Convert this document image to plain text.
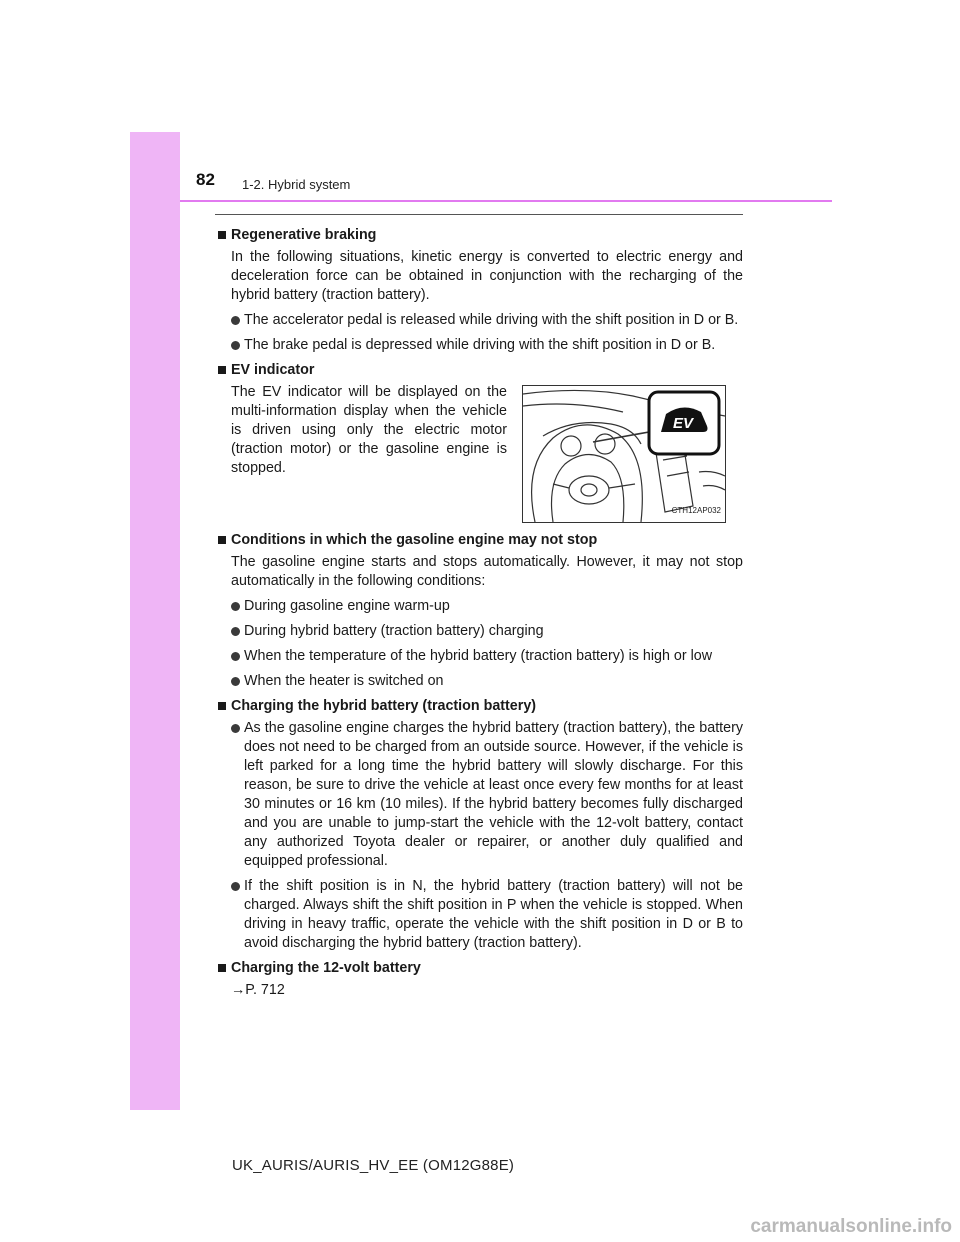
82 1-2. Hybrid system
Regenerative braking
In the following situations, kinetic energy is converted to electric energy and deceleration force can be obtained in conjunction with the recharging of the hybrid battery (traction battery).
The accelerator pedal is released while driving with the shift position in D or B.
The brake pedal is depressed while driving with the shift position in D or B.
EV indicator
The EV indicator will be displayed on the multi-information display when the vehicle is driven using only the electric motor (traction motor) or the gasoline engine is stopped.
EV
CTH12AP032
Conditions in which the gasoline engine may not stop
The gasoline engine starts and stops automatically. However, it may not stop automatically in the following conditions:
During gasoline engine warm-up
During hybrid battery (traction battery) charging
When the temperature of the hybrid battery (traction battery) is high or low
When the heater is switched on
Charging the hybrid battery (traction battery)
As the gasoline engine charges the hybrid battery (traction battery), the battery does not need to be charged from an outside source. However, if the vehicle is left parked for a long time the hybrid battery will slowly discharge. For this reason, be sure to drive the vehicle at least once every few months for at least 30 minutes or 16 km (10 miles). If the hybrid battery becomes fully discharged and you are unable to jump-start the vehicle with the 12-volt battery, contact any authorized Toyota dealer or repairer, or another duly qualified and equipped professional.
If the shift position is in N, the hybrid battery (traction battery) will not be charged. Always shift the shift position in P when the vehicle is stopped. When driving in heavy traffic, operate the vehicle with the shift position in D or B to avoid discharging the hybrid battery (traction battery).
Charging the 12-volt battery
→P. 712
UK_AURIS/AURIS_HV_EE (OM12G88E)
carmanualsonline.info
